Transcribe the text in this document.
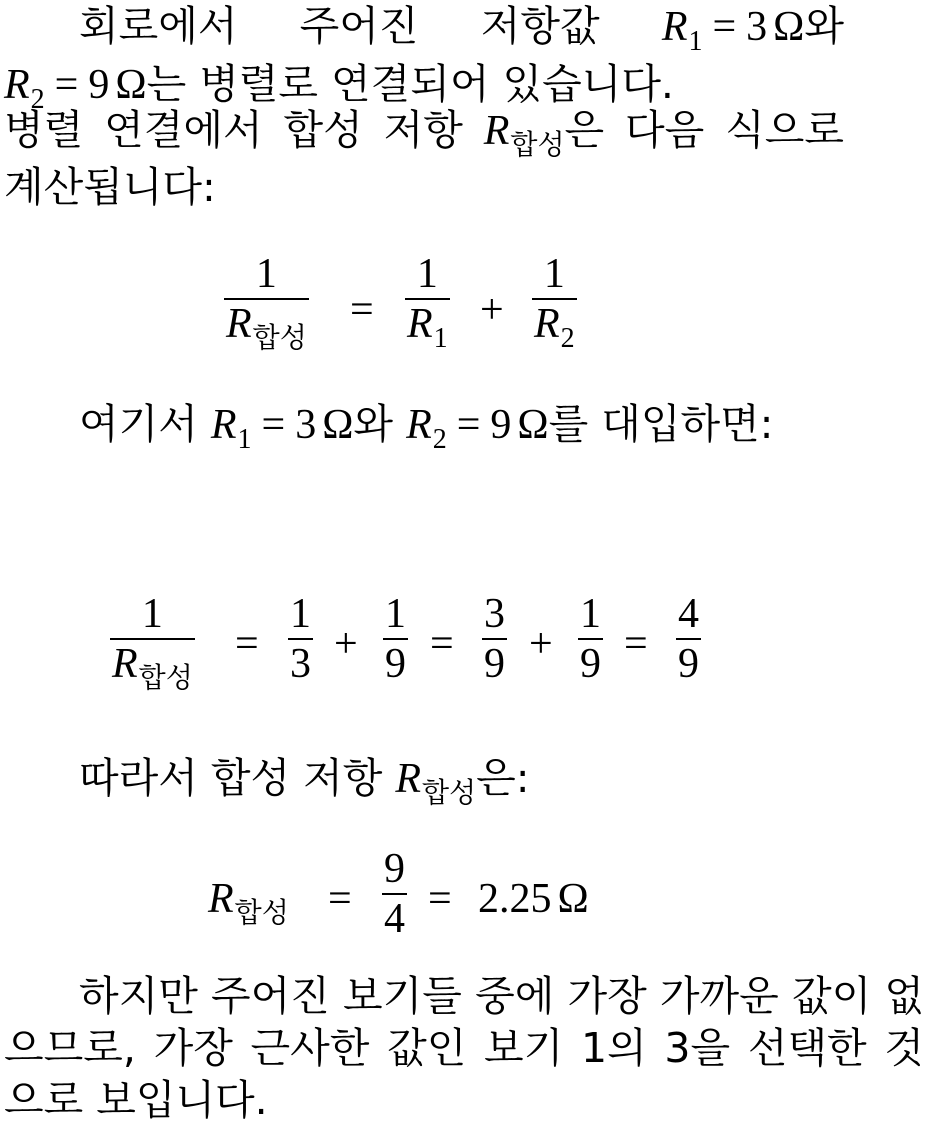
회로에서 주어진 저항값 $R_1 = 3$ Ω와 $R_2 = 9$ Ω는 병렬로 연결되어 있습니다.
병렬 연결에서 합성 저항 $R_{합성}$은 다음 식으로 계산됩니다:
1
$R_{합성}$
=
1
$R_1$
+
1
$R_2$
여기서 $R_1 = 3$ Ω와 $R_2 = 9$ Ω를 대입하면:
1
$R_{합성}$
=
1
3 +
1
9 =
3
9 +
1
9 =
4
9
따라서 합성 저항 $R_{합성}$은:
$R_{합성}$ =
9
4 = 2.25 Ω
하지만 주어진 보기들 중에 가장 가까운 값이 없으므로, 가장 근사한 값인 보기 1의 3을 선택한 것으로 보입니다.
